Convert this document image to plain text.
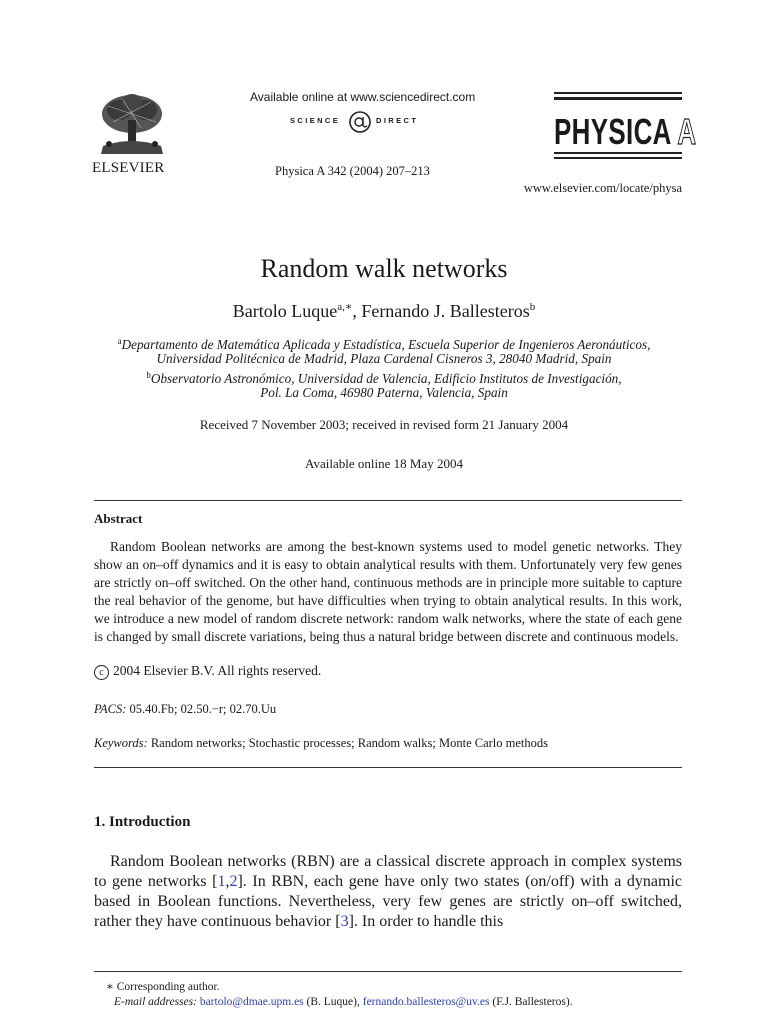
ELSEVIER
Available online at www.sciencedirect.com
SCIENCE	DIRECT
Physica A 342 (2004) 207–213
PHYSICA A
www.elsevier.com/locate/physa
Random walk networks
Bartolo Luque$^{a,∗}$, Fernando J. Ballesteros$^b$
$^a$Departamento de Matemática Aplicada y Estadística, Escuela Superior de Ingenieros Aeronáuticos,
Universidad Politécnica de Madrid, Plaza Cardenal Cisneros 3, 28040 Madrid, Spain
$^b$Observatorio Astronómico, Universidad de Valencia, Edificio Institutos de Investigación,
Pol. La Coma, 46980 Paterna, Valencia, Spain
Received 7 November 2003; received in revised form 21 January 2004
Available online 18 May 2004
Abstract

Random Boolean networks are among the best-known systems used to model genetic networks. They show an on–off dynamics and it is easy to obtain analytical results with them. Unfortunately very few genes are strictly on–off switched. On the other hand, continuous methods are in principle more suitable to capture the real behavior of the genome, but have difficulties when trying to obtain analytical results. In this work, we introduce a new model of random discrete network: random walk networks, where the state of each gene is changed by small discrete variations, being thus a natural bridge between discrete and continuous models.

c 2004 Elsevier B.V. All rights reserved.
PACS: 05.40.Fb; 02.50.−r; 02.70.Uu
Keywords: Random networks; Stochastic processes; Random walks; Monte Carlo methods
1. Introduction

Random Boolean networks (RBN) are a classical discrete approach in complex systems to gene networks [1,2]. In RBN, each gene have only two states (on/off) with a dynamic based in Boolean functions. Nevertheless, very few genes are strictly on–off switched, rather they have continuous behavior [3]. In order to handle this

∗ Corresponding author.
E-mail addresses: bartolo@dmae.upm.es (B. Luque), fernando.ballesteros@uv.es (F.J. Ballesteros).
